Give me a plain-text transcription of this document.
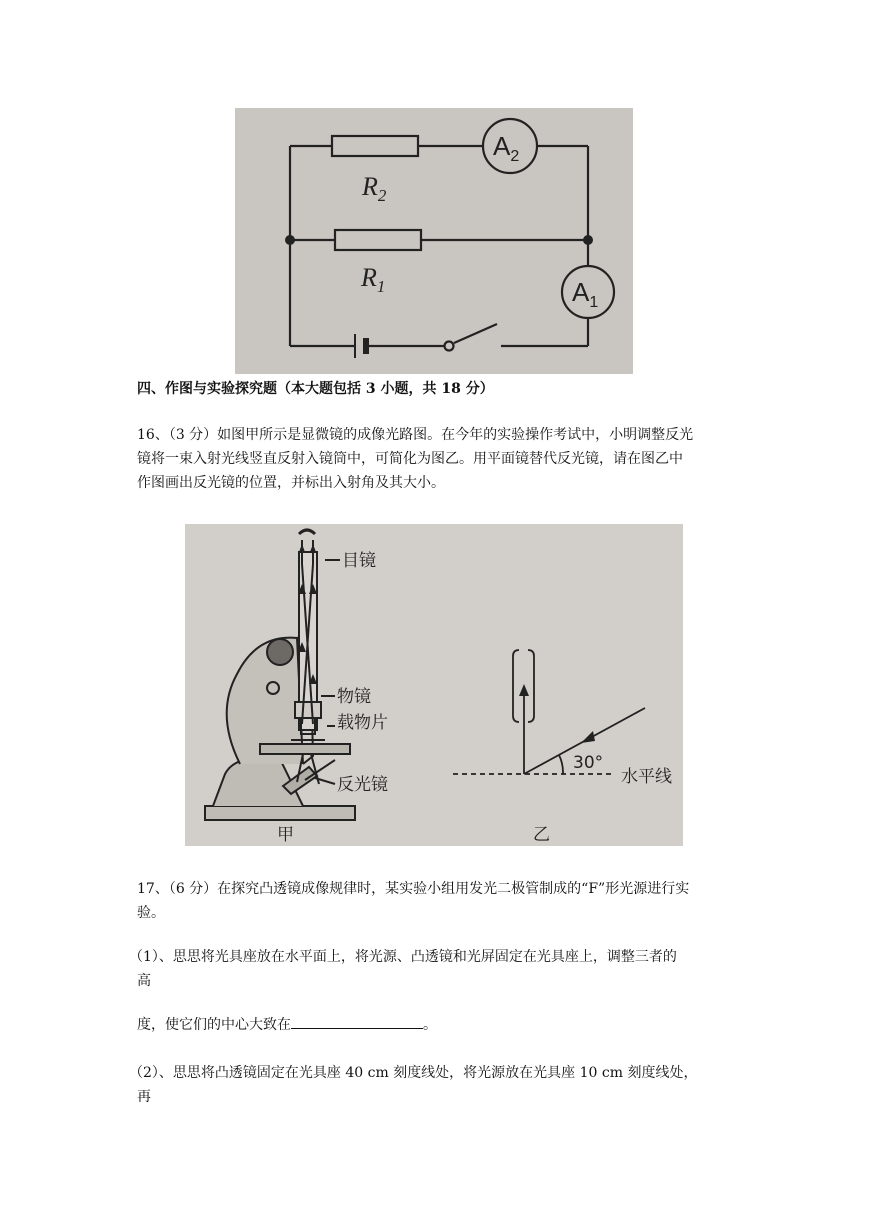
$R_2$
$R_1$
$A_2$
$A_1$
四、作图与实验探究题（本大题包括 3 小题，共 18 分）
16、（3 分）如图甲所示是显微镜的成像光路图。在今年的实验操作考试中，小明调整反光
镜将一束入射光线竖直反射入镜筒中，可简化为图乙。用平面镜替代反光镜，请在图乙中
作图画出反光镜的位置，并标出入射角及其大小。
目镜
物镜
载物片
反光镜
甲	乙
30°
水平线
17、（6 分）在探究凸透镜成像规律时，某实验小组用发光二极管制成的“F”形光源进行实
验。
（1）、思思将光具座放在水平面上，将光源、凸透镜和光屏固定在光具座上，调整三者的
高
度，使它们的中心大致在	。
（2）、思思将凸透镜固定在光具座 40 cm 刻度线处，将光源放在光具座 10 cm 刻度线处，
再
